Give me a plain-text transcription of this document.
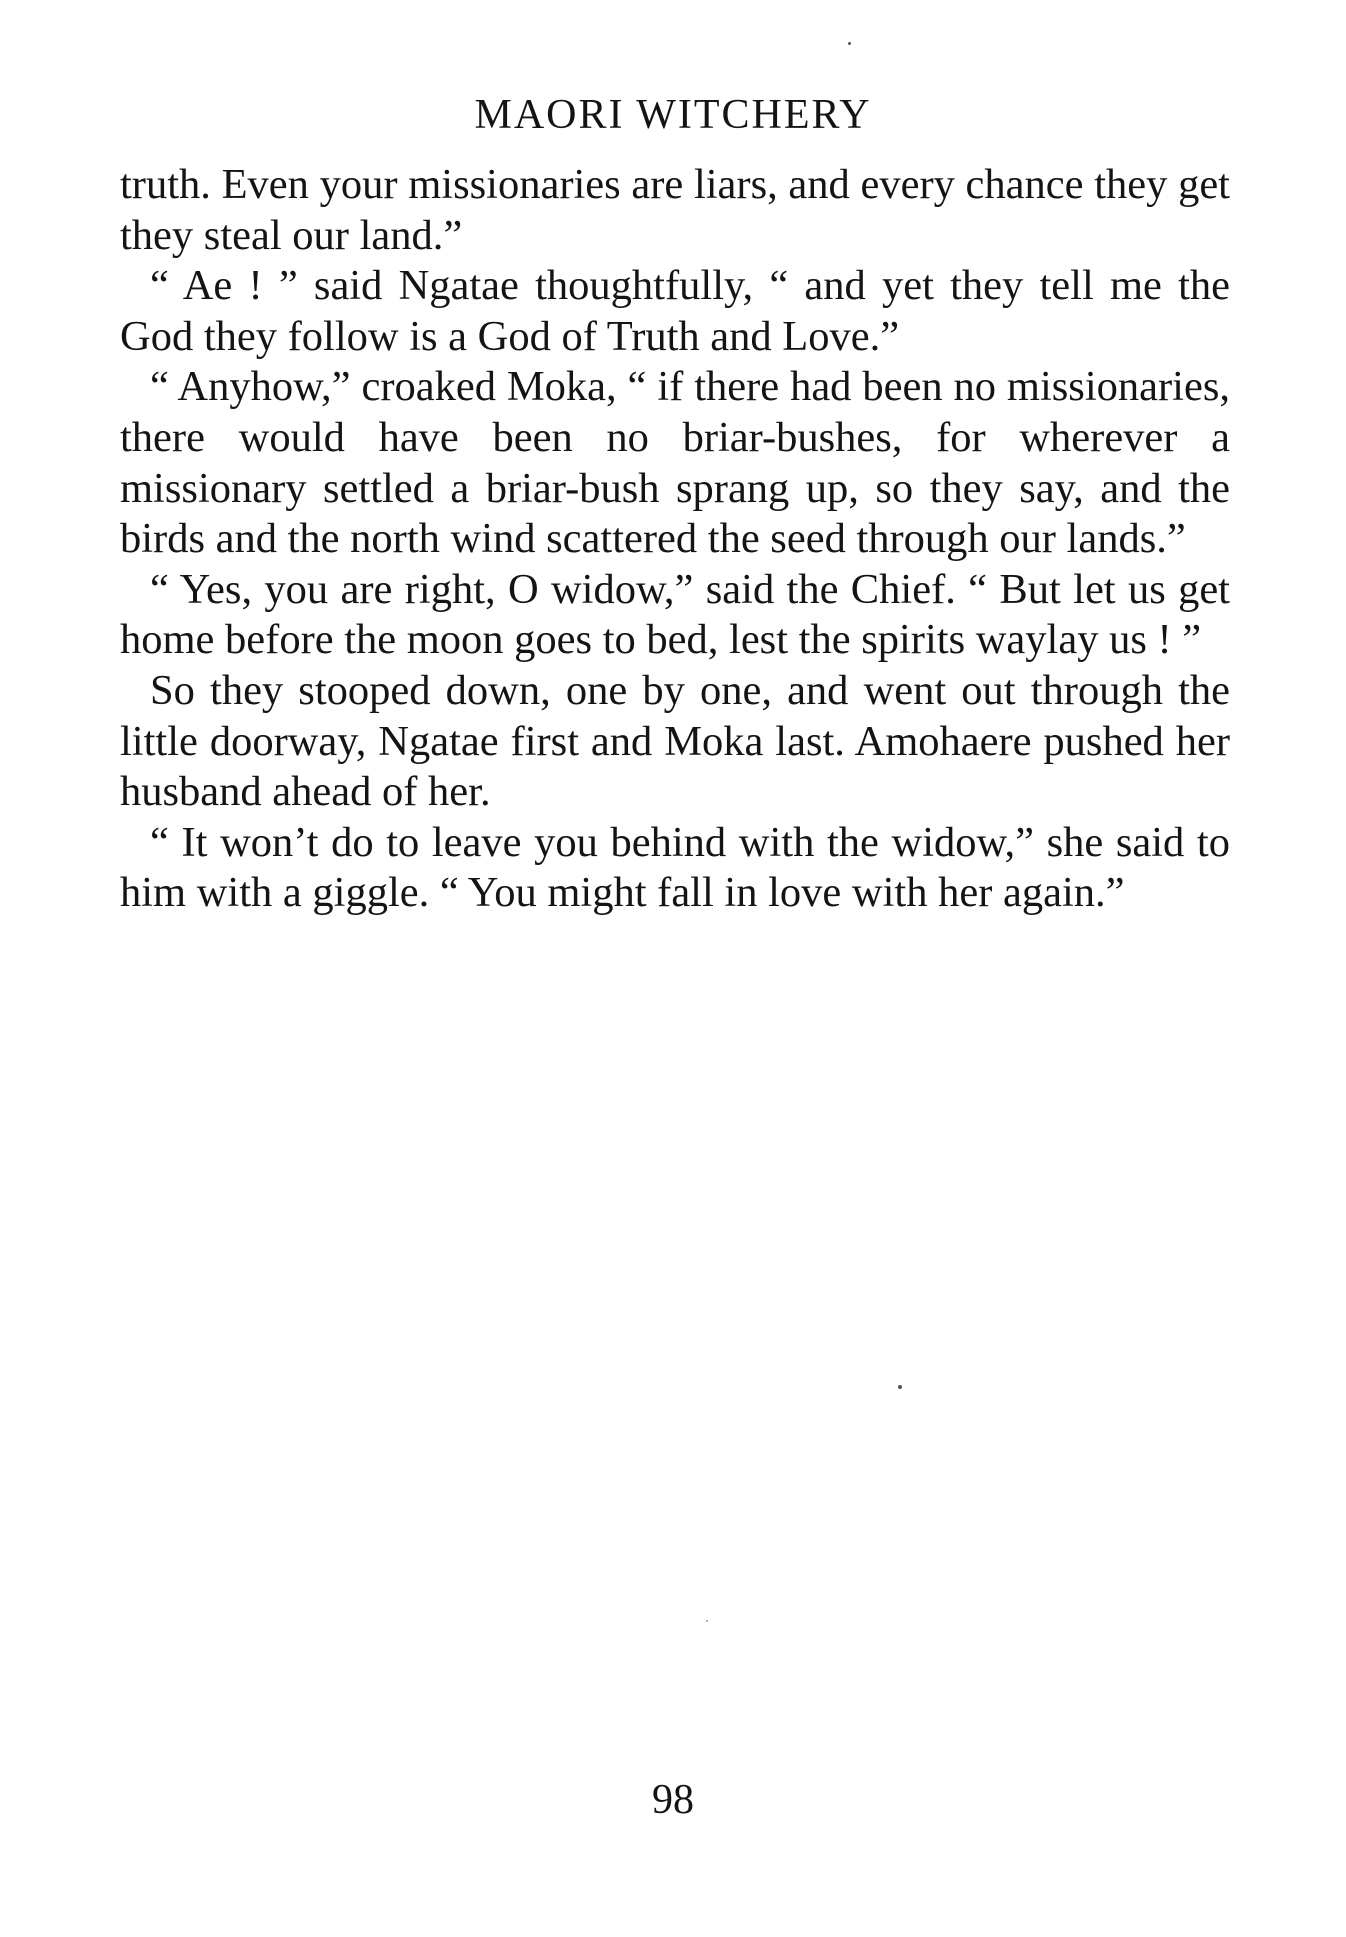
MAORI WITCHERY

truth. Even your missionaries are liars, and every chance they get they steal our land.”

“ Ae ! ” said Ngatae thoughtfully, “ and yet they tell me the God they follow is a God of Truth and Love.”

“ Anyhow,” croaked Moka, “ if there had been no missionaries, there would have been no briar-bushes, for wherever a missionary settled a briar-bush sprang up, so they say, and the birds and the north wind scattered the seed through our lands.”

“ Yes, you are right, O widow,” said the Chief. “ But let us get home before the moon goes to bed, lest the spirits waylay us ! ”

So they stooped down, one by one, and went out through the little doorway, Ngatae first and Moka last. Amohaere pushed her husband ahead of her.

“ It won’t do to leave you behind with the widow,” she said to him with a giggle. “ You might fall in love with her again.”

98
